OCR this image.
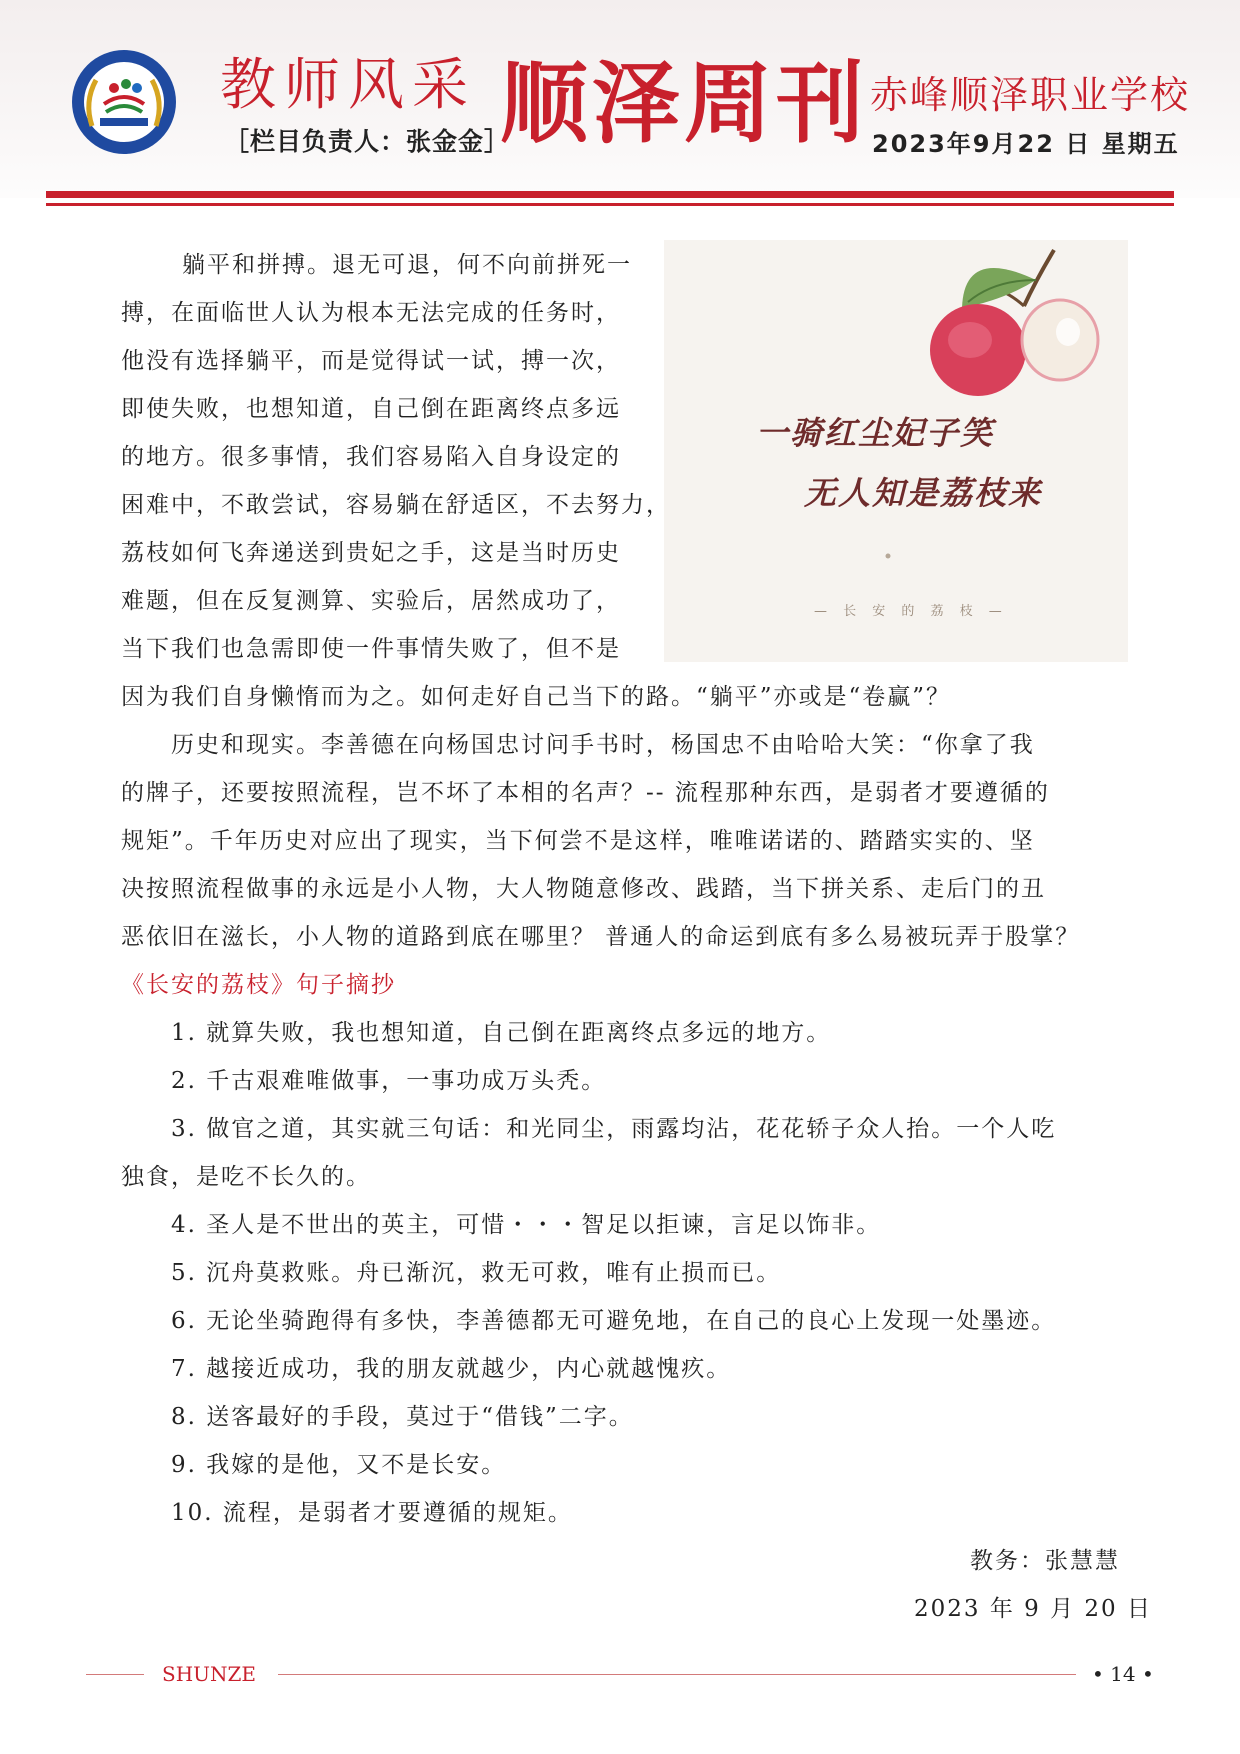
教师风采
［栏目负责人：张金金］
顺泽周刊 赤峰顺泽职业学校
2023年9月22 日 星期五
一骑红尘妃子笑
无人知是荔枝来
— 长 安 的 荔 枝 —
躺平和拼搏。退无可退，何不向前拼死一
搏，在面临世人认为根本无法完成的任务时，
他没有选择躺平，而是觉得试一试，搏一次，
即使失败，也想知道，自己倒在距离终点多远
的地方。很多事情，我们容易陷入自身设定的
困难中，不敢尝试，容易躺在舒适区，不去努力，
荔枝如何飞奔递送到贵妃之手，这是当时历史
难题，但在反复测算、实验后，居然成功了，
当下我们也急需即使一件事情失败了，但不是
因为我们自身懒惰而为之。如何走好自己当下的路。“躺平”亦或是“卷赢”？
　　历史和现实。李善德在向杨国忠讨问手书时，杨国忠不由哈哈大笑：“你拿了我
的牌子，还要按照流程，岂不坏了本相的名声？-- 流程那种东西，是弱者才要遵循的
规矩”。千年历史对应出了现实，当下何尝不是这样，唯唯诺诺的、踏踏实实的、坚
决按照流程做事的永远是小人物，大人物随意修改、践踏，当下拼关系、走后门的丑
恶依旧在滋长，小人物的道路到底在哪里？ 普通人的命运到底有多么易被玩弄于股掌？
《长安的荔枝》句子摘抄
　　1. 就算失败，我也想知道，自己倒在距离终点多远的地方。
　　2. 千古艰难唯做事，一事功成万头秃。
　　3. 做官之道，其实就三句话：和光同尘，雨露均沾，花花轿子众人抬。一个人吃
独食，是吃不长久的。
　　4. 圣人是不世出的英主，可惜・・・智足以拒谏，言足以饰非。
　　5. 沉舟莫救账。舟已渐沉，救无可救，唯有止损而已。
　　6. 无论坐骑跑得有多快，李善德都无可避免地，在自己的良心上发现一处墨迹。
　　7. 越接近成功，我的朋友就越少，内心就越愧疚。
　　8. 送客最好的手段，莫过于“借钱”二字。
　　9. 我嫁的是他，又不是长安。
　　10. 流程，是弱者才要遵循的规矩。
教务：张慧慧
2023 年 9 月 20 日
SHUNZE	• 14 •
